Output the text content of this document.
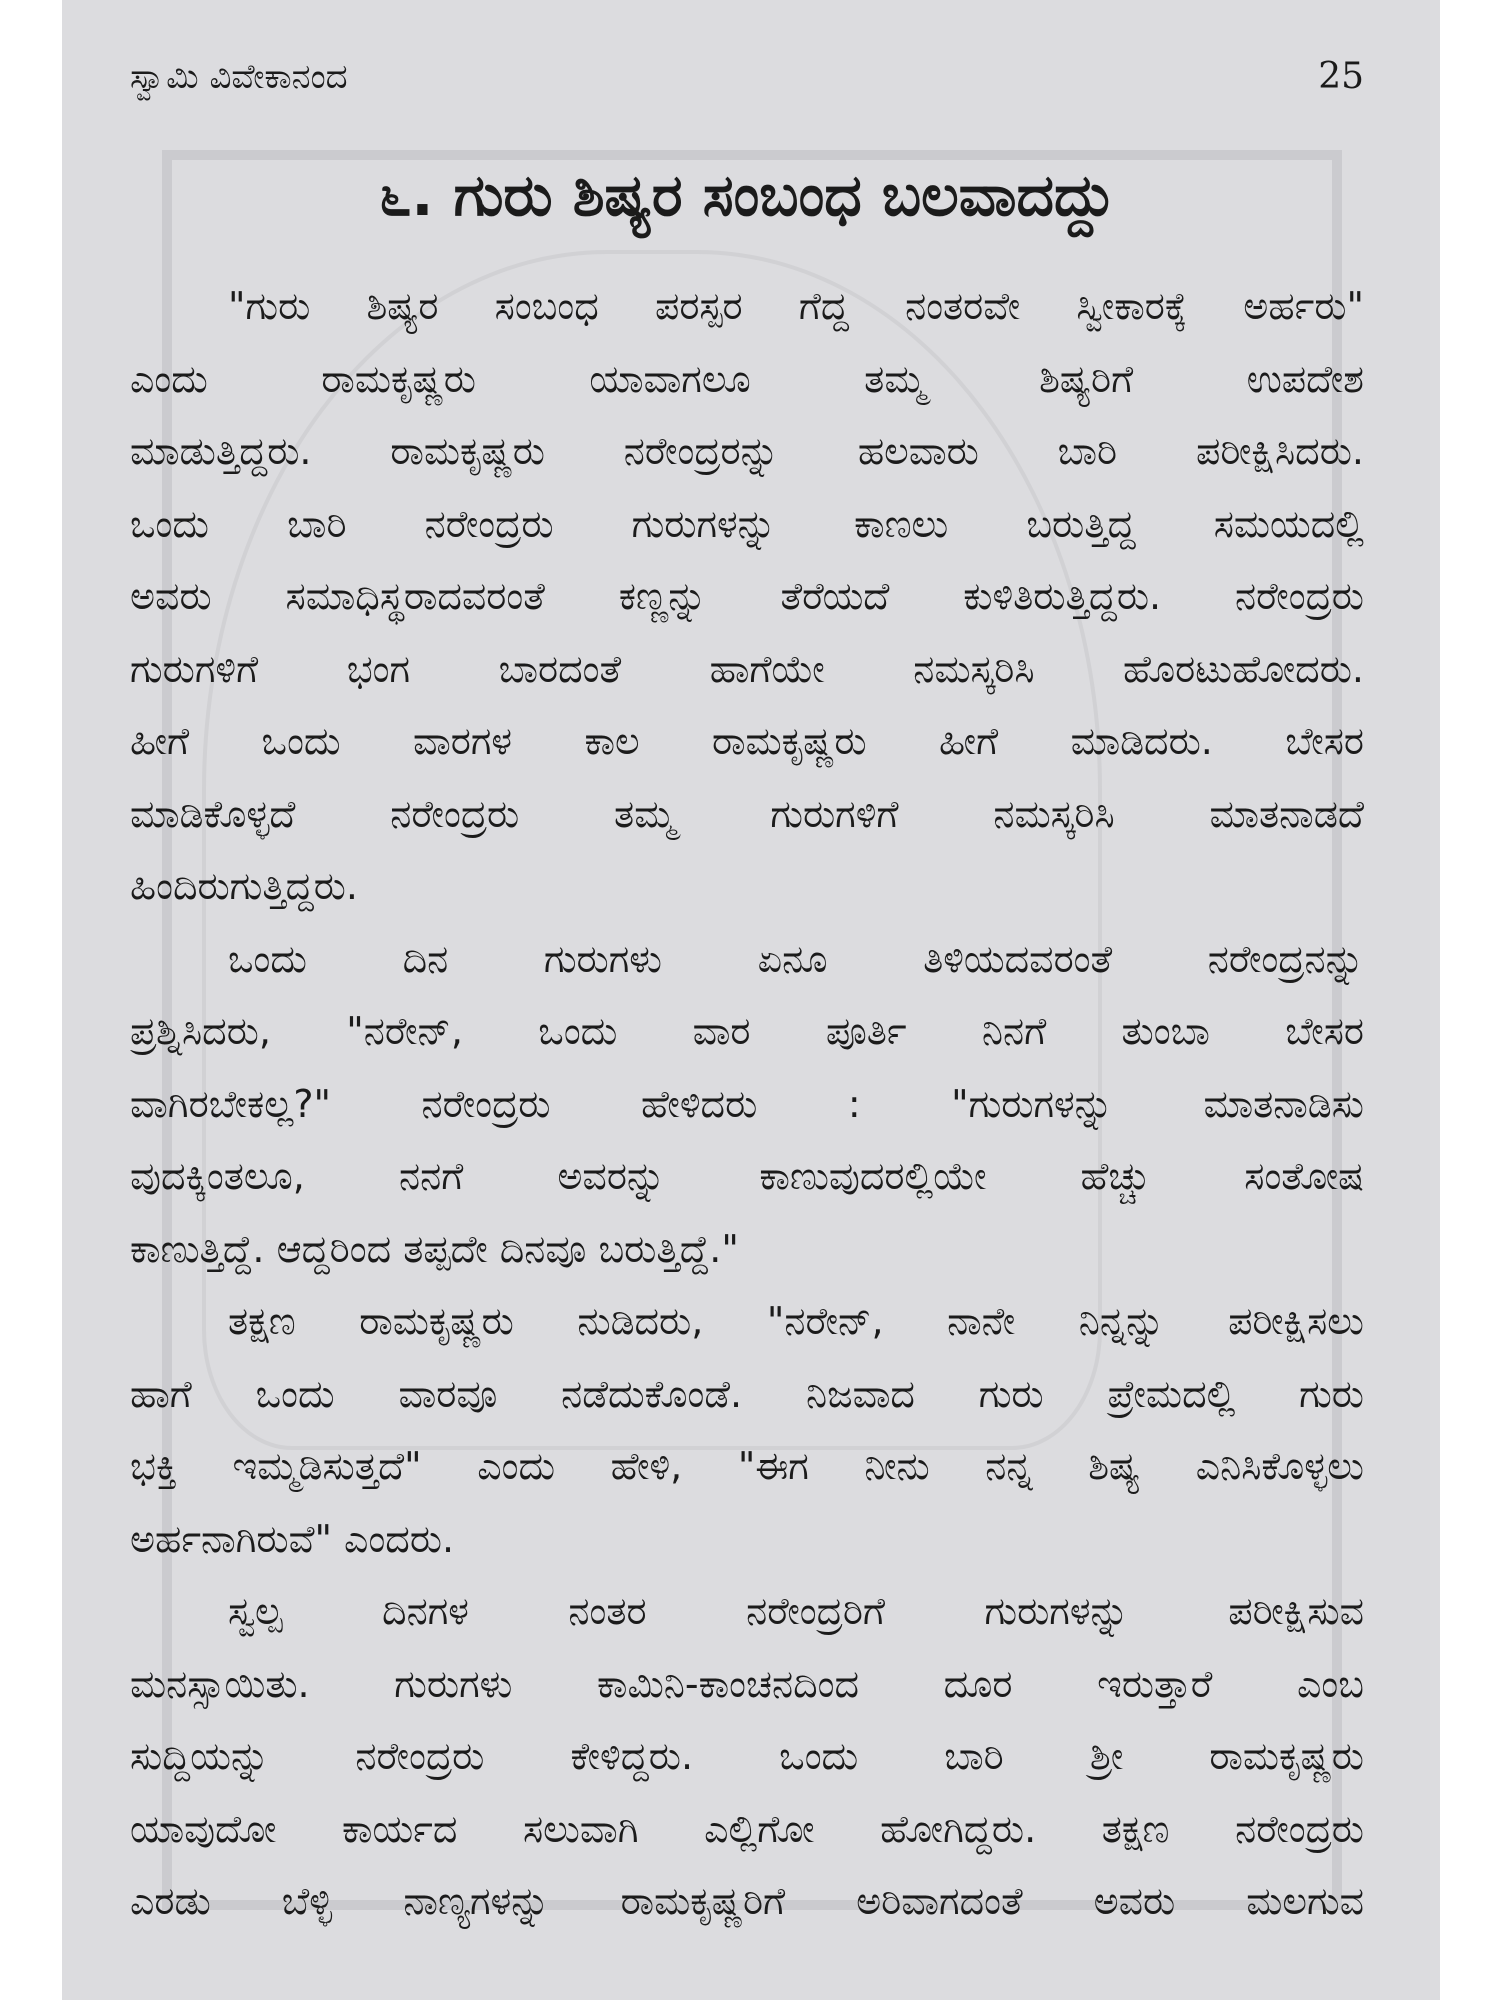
ಸ್ವಾಮಿ ವಿವೇಕಾನಂದ	25
೬. ಗುರು ಶಿಷ್ಯರ ಸಂಬಂಧ ಬಲವಾದದ್ದು
"ಗುರು ಶಿಷ್ಯರ ಸಂಬಂಧ ಪರಸ್ಪರ ಗೆದ್ದ ನಂತರವೇ ಸ್ವೀಕಾರಕ್ಕೆ ಅರ್ಹರು"
ಎಂದು ರಾಮಕೃಷ್ಣರು ಯಾವಾಗಲೂ ತಮ್ಮ ಶಿಷ್ಯರಿಗೆ ಉಪದೇಶ
ಮಾಡುತ್ತಿದ್ದರು. ರಾಮಕೃಷ್ಣರು ನರೇಂದ್ರರನ್ನು ಹಲವಾರು ಬಾರಿ ಪರೀಕ್ಷಿಸಿದರು.
ಒಂದು ಬಾರಿ ನರೇಂದ್ರರು ಗುರುಗಳನ್ನು ಕಾಣಲು ಬರುತ್ತಿದ್ದ ಸಮಯದಲ್ಲಿ
ಅವರು ಸಮಾಧಿಸ್ಥರಾದವರಂತೆ ಕಣ್ಣನ್ನು ತೆರೆಯದೆ ಕುಳಿತಿರುತ್ತಿದ್ದರು. ನರೇಂದ್ರರು
ಗುರುಗಳಿಗೆ ಭಂಗ ಬಾರದಂತೆ ಹಾಗೆಯೇ ನಮಸ್ಕರಿಸಿ ಹೊರಟುಹೋದರು.
ಹೀಗೆ ಒಂದು ವಾರಗಳ ಕಾಲ ರಾಮಕೃಷ್ಣರು ಹೀಗೆ ಮಾಡಿದರು. ಬೇಸರ
ಮಾಡಿಕೊಳ್ಳದೆ ನರೇಂದ್ರರು ತಮ್ಮ ಗುರುಗಳಿಗೆ ನಮಸ್ಕರಿಸಿ ಮಾತನಾಡದೆ
ಹಿಂದಿರುಗುತ್ತಿದ್ದರು.
ಒಂದು ದಿನ ಗುರುಗಳು ಏನೂ ತಿಳಿಯದವರಂತೆ ನರೇಂದ್ರನನ್ನು
ಪ್ರಶ್ನಿಸಿದರು, "ನರೇನ್, ಒಂದು ವಾರ ಪೂರ್ತಿ ನಿನಗೆ ತುಂಬಾ ಬೇಸರ
ವಾಗಿರಬೇಕಲ್ಲ?" ನರೇಂದ್ರರು ಹೇಳಿದರು : "ಗುರುಗಳನ್ನು ಮಾತನಾಡಿಸು
ವುದಕ್ಕಿಂತಲೂ, ನನಗೆ ಅವರನ್ನು ಕಾಣುವುದರಲ್ಲಿಯೇ ಹೆಚ್ಚು ಸಂತೋಷ
ಕಾಣುತ್ತಿದ್ದೆ. ಆದ್ದರಿಂದ ತಪ್ಪದೇ ದಿನವೂ ಬರುತ್ತಿದ್ದೆ."
ತಕ್ಷಣ ರಾಮಕೃಷ್ಣರು ನುಡಿದರು, "ನರೇನ್, ನಾನೇ ನಿನ್ನನ್ನು ಪರೀಕ್ಷಿಸಲು
ಹಾಗೆ ಒಂದು ವಾರವೂ ನಡೆದುಕೊಂಡೆ. ನಿಜವಾದ ಗುರು ಪ್ರೇಮದಲ್ಲಿ ಗುರು
ಭಕ್ತಿ ಇಮ್ಮಡಿಸುತ್ತದೆ" ಎಂದು ಹೇಳಿ, "ಈಗ ನೀನು ನನ್ನ ಶಿಷ್ಯ ಎನಿಸಿಕೊಳ್ಳಲು
ಅರ್ಹನಾಗಿರುವೆ" ಎಂದರು.
ಸ್ವಲ್ಪ ದಿನಗಳ ನಂತರ ನರೇಂದ್ರರಿಗೆ ಗುರುಗಳನ್ನು ಪರೀಕ್ಷಿಸುವ
ಮನಸ್ಸಾಯಿತು. ಗುರುಗಳು ಕಾಮಿನಿ-ಕಾಂಚನದಿಂದ ದೂರ ಇರುತ್ತಾರೆ ಎಂಬ
ಸುದ್ದಿಯನ್ನು ನರೇಂದ್ರರು ಕೇಳಿದ್ದರು. ಒಂದು ಬಾರಿ ಶ್ರೀ ರಾಮಕೃಷ್ಣರು
ಯಾವುದೋ ಕಾರ್ಯದ ಸಲುವಾಗಿ ಎಲ್ಲಿಗೋ ಹೋಗಿದ್ದರು. ತಕ್ಷಣ ನರೇಂದ್ರರು
ಎರಡು ಬೆಳ್ಳಿ ನಾಣ್ಯಗಳನ್ನು ರಾಮಕೃಷ್ಣರಿಗೆ ಅರಿವಾಗದಂತೆ ಅವರು ಮಲಗುವ
